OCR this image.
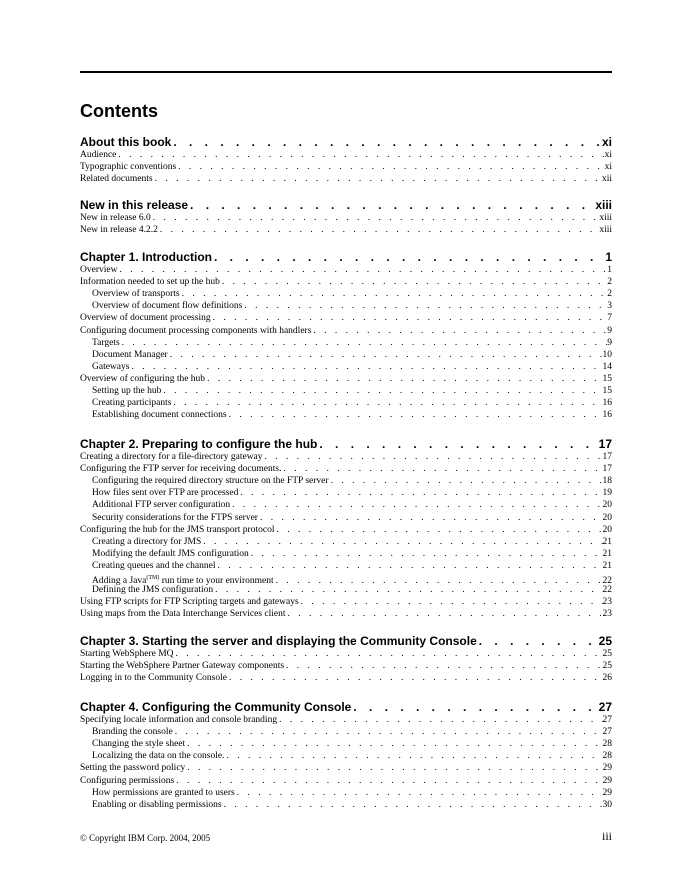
Contents
About this book . . .	xi
Audience . . .	xi
Typographic conventions . . .	xi
Related documents . . .	xii
New in this release . . .	xiii
New in release 6.0 . . .	xiii
New in release 4.2.2 . . .	xiii
Chapter 1. Introduction . . .	1
Overview . . .	1
Information needed to set up the hub . . .	2
Overview of transports . . .	2
Overview of document flow definitions . . .	3
Overview of document processing . . .	7
Configuring document processing components with handlers . . .	9
Targets . . .	9
Document Manager . . .	10
Gateways . . .	14
Overview of configuring the hub . . .	15
Setting up the hub . . .	15
Creating participants . . .	16
Establishing document connections . . .	16
Chapter 2. Preparing to configure the hub . . .	17
Creating a directory for a file-directory gateway . . .	17
Configuring the FTP server for receiving documents. . . .	17
Configuring the required directory structure on the FTP server . . .	18
How files sent over FTP are processed . . .	19
Additional FTP server configuration . . .	20
Security considerations for the FTPS server . . .	20
Configuring the hub for the JMS transport protocol . . .	20
Creating a directory for JMS . . .	21
Modifying the default JMS configuration . . .	21
Creating queues and the channel . . .	21
Adding a Java$^{(TM)}$ run time to your environment . . .	22
Defining the JMS configuration . . .	22
Using FTP scripts for FTP Scripting targets and gateways . . .	23
Using maps from the Data Interchange Services client . . .	23
Chapter 3. Starting the server and displaying the Community Console . . .	25
Starting WebSphere MQ . . .	25
Starting the WebSphere Partner Gateway components . . .	25
Logging in to the Community Console . . .	26
Chapter 4. Configuring the Community Console . . .	27
Specifying locale information and console branding . . .	27
Branding the console . . .	27
Changing the style sheet . . .	28
Localizing the data on the console. . . .	28
Setting the password policy . . .	29
Configuring permissions . . .	29
How permissions are granted to users . . .	29
Enabling or disabling permissions . . .	30
© Copyright IBM Corp. 2004, 2005	iii
